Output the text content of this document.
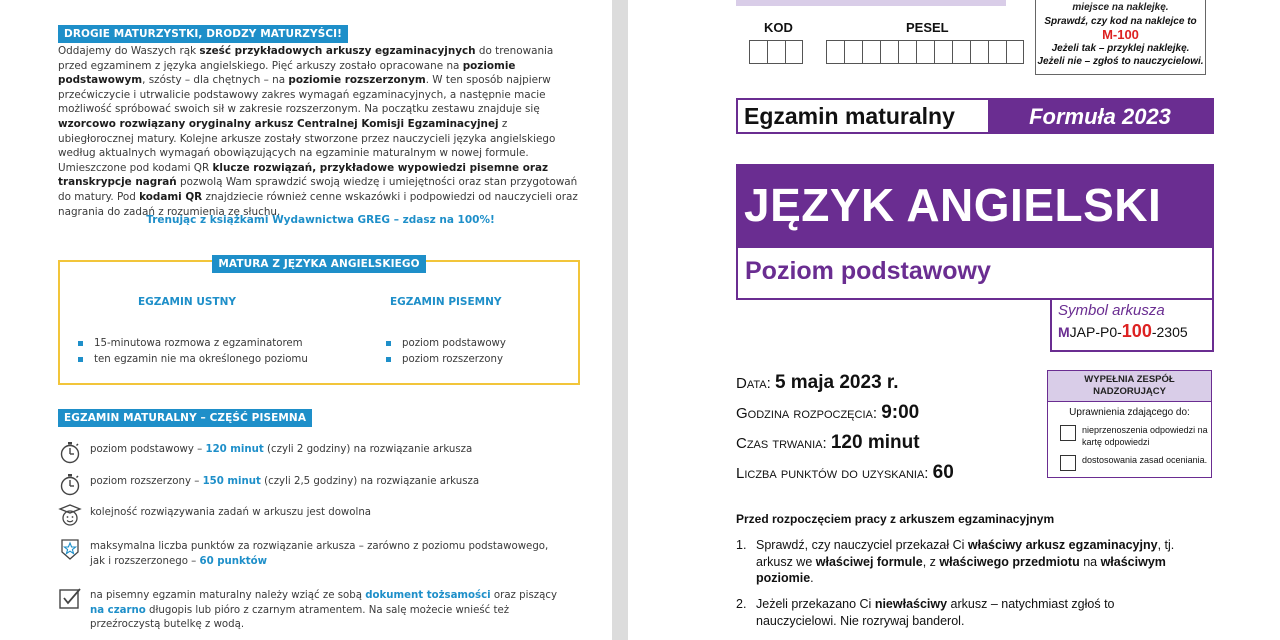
DROGIE MATURZYSTKI, DRODZY MATURZYŚCI!

Oddajemy do Waszych rąk sześć przykładowych arkuszy egzaminacyjnych do trenowania przed egzaminem z języka angielskiego. Pięć arkuszy zostało opracowane na poziomie podstawowym, szósty – dla chętnych – na poziomie rozszerzonym. W ten sposób najpierw przećwiczycie i utrwalicie podstawowy zakres wymagań egzaminacyjnych, a następnie macie możliwość spróbować swoich sił w zakresie rozszerzonym. Na początku zestawu znajduje się wzorcowo rozwiązany oryginalny arkusz Centralnej Komisji Egzaminacyjnej z ubiegłorocznej matury. Kolejne arkusze zostały stworzone przez nauczycieli języka angielskiego według aktualnych wymagań obowiązujących na egzaminie maturalnym w nowej formule. Umieszczone pod kodami QR klucze rozwiązań, przykładowe wypowiedzi pisemne oraz transkrypcje nagrań pozwolą Wam sprawdzić swoją wiedzę i umiejętności oraz stan przygotowań do matury. Pod kodami QR znajdziecie również cenne wskazówki i podpowiedzi od nauczycieli oraz nagrania do zadań z rozumienia ze słuchu.

Trenując z książkami Wydawnictwa GREG – zdasz na 100%!
MATURA Z JĘZYKA ANGIELSKIEGO
EGZAMIN USTNY
15-minutowa rozmowa z egzaminatorem
ten egzamin nie ma określonego poziomu
EGZAMIN PISEMNY
poziom podstawowy
poziom rozszerzony
EGZAMIN MATURALNY – CZĘŚĆ PISEMNA
poziom podstawowy – 120 minut (czyli 2 godziny) na rozwiązanie arkusza
poziom rozszerzony – 150 minut (czyli 2,5 godziny) na rozwiązanie arkusza
kolejność rozwiązywania zadań w arkuszu jest dowolna
maksymalna liczba punktów za rozwiązanie arkusza – zarówno z poziomu podstawowego, jak i rozszerzonego – 60 punktów
na pisemny egzamin maturalny należy wziąć ze sobą dokument tożsamości oraz piszący na czarno długopis lub pióro z czarnym atramentem. Na salę możecie wnieść też przeźroczystą butelkę z wodą.
KOD	PESEL
miejsce na naklejkę.
Sprawdź, czy kod na naklejce to
M-100
Jeżeli tak – przyklej naklejkę.
Jeżeli nie – zgłoś to nauczycielowi.
Egzamin maturalny	Formuła 2023
JĘZYK ANGIELSKI
Poziom podstawowy
Symbol arkusza
MJAP-P0-100-2305
Data: 5 maja 2023 r.
Godzina rozpoczęcia: 9:00
Czas trwania: 120 minut
Liczba punktów do uzyskania: 60
WYPEŁNIA ZESPÓŁ
NADZORUJĄCY
Uprawnienia zdającego do:
nieprzenoszenia odpowiedzi na kartę odpowiedzi
dostosowania zasad oceniania.
Przed rozpoczęciem pracy z arkuszem egzaminacyjnym
1. Sprawdź, czy nauczyciel przekazał Ci właściwy arkusz egzaminacyjny, tj. arkusz we właściwej formule, z właściwego przedmiotu na właściwym poziomie.
2. Jeżeli przekazano Ci niewłaściwy arkusz – natychmiast zgłoś to nauczycielowi. Nie rozrywaj banderol.
